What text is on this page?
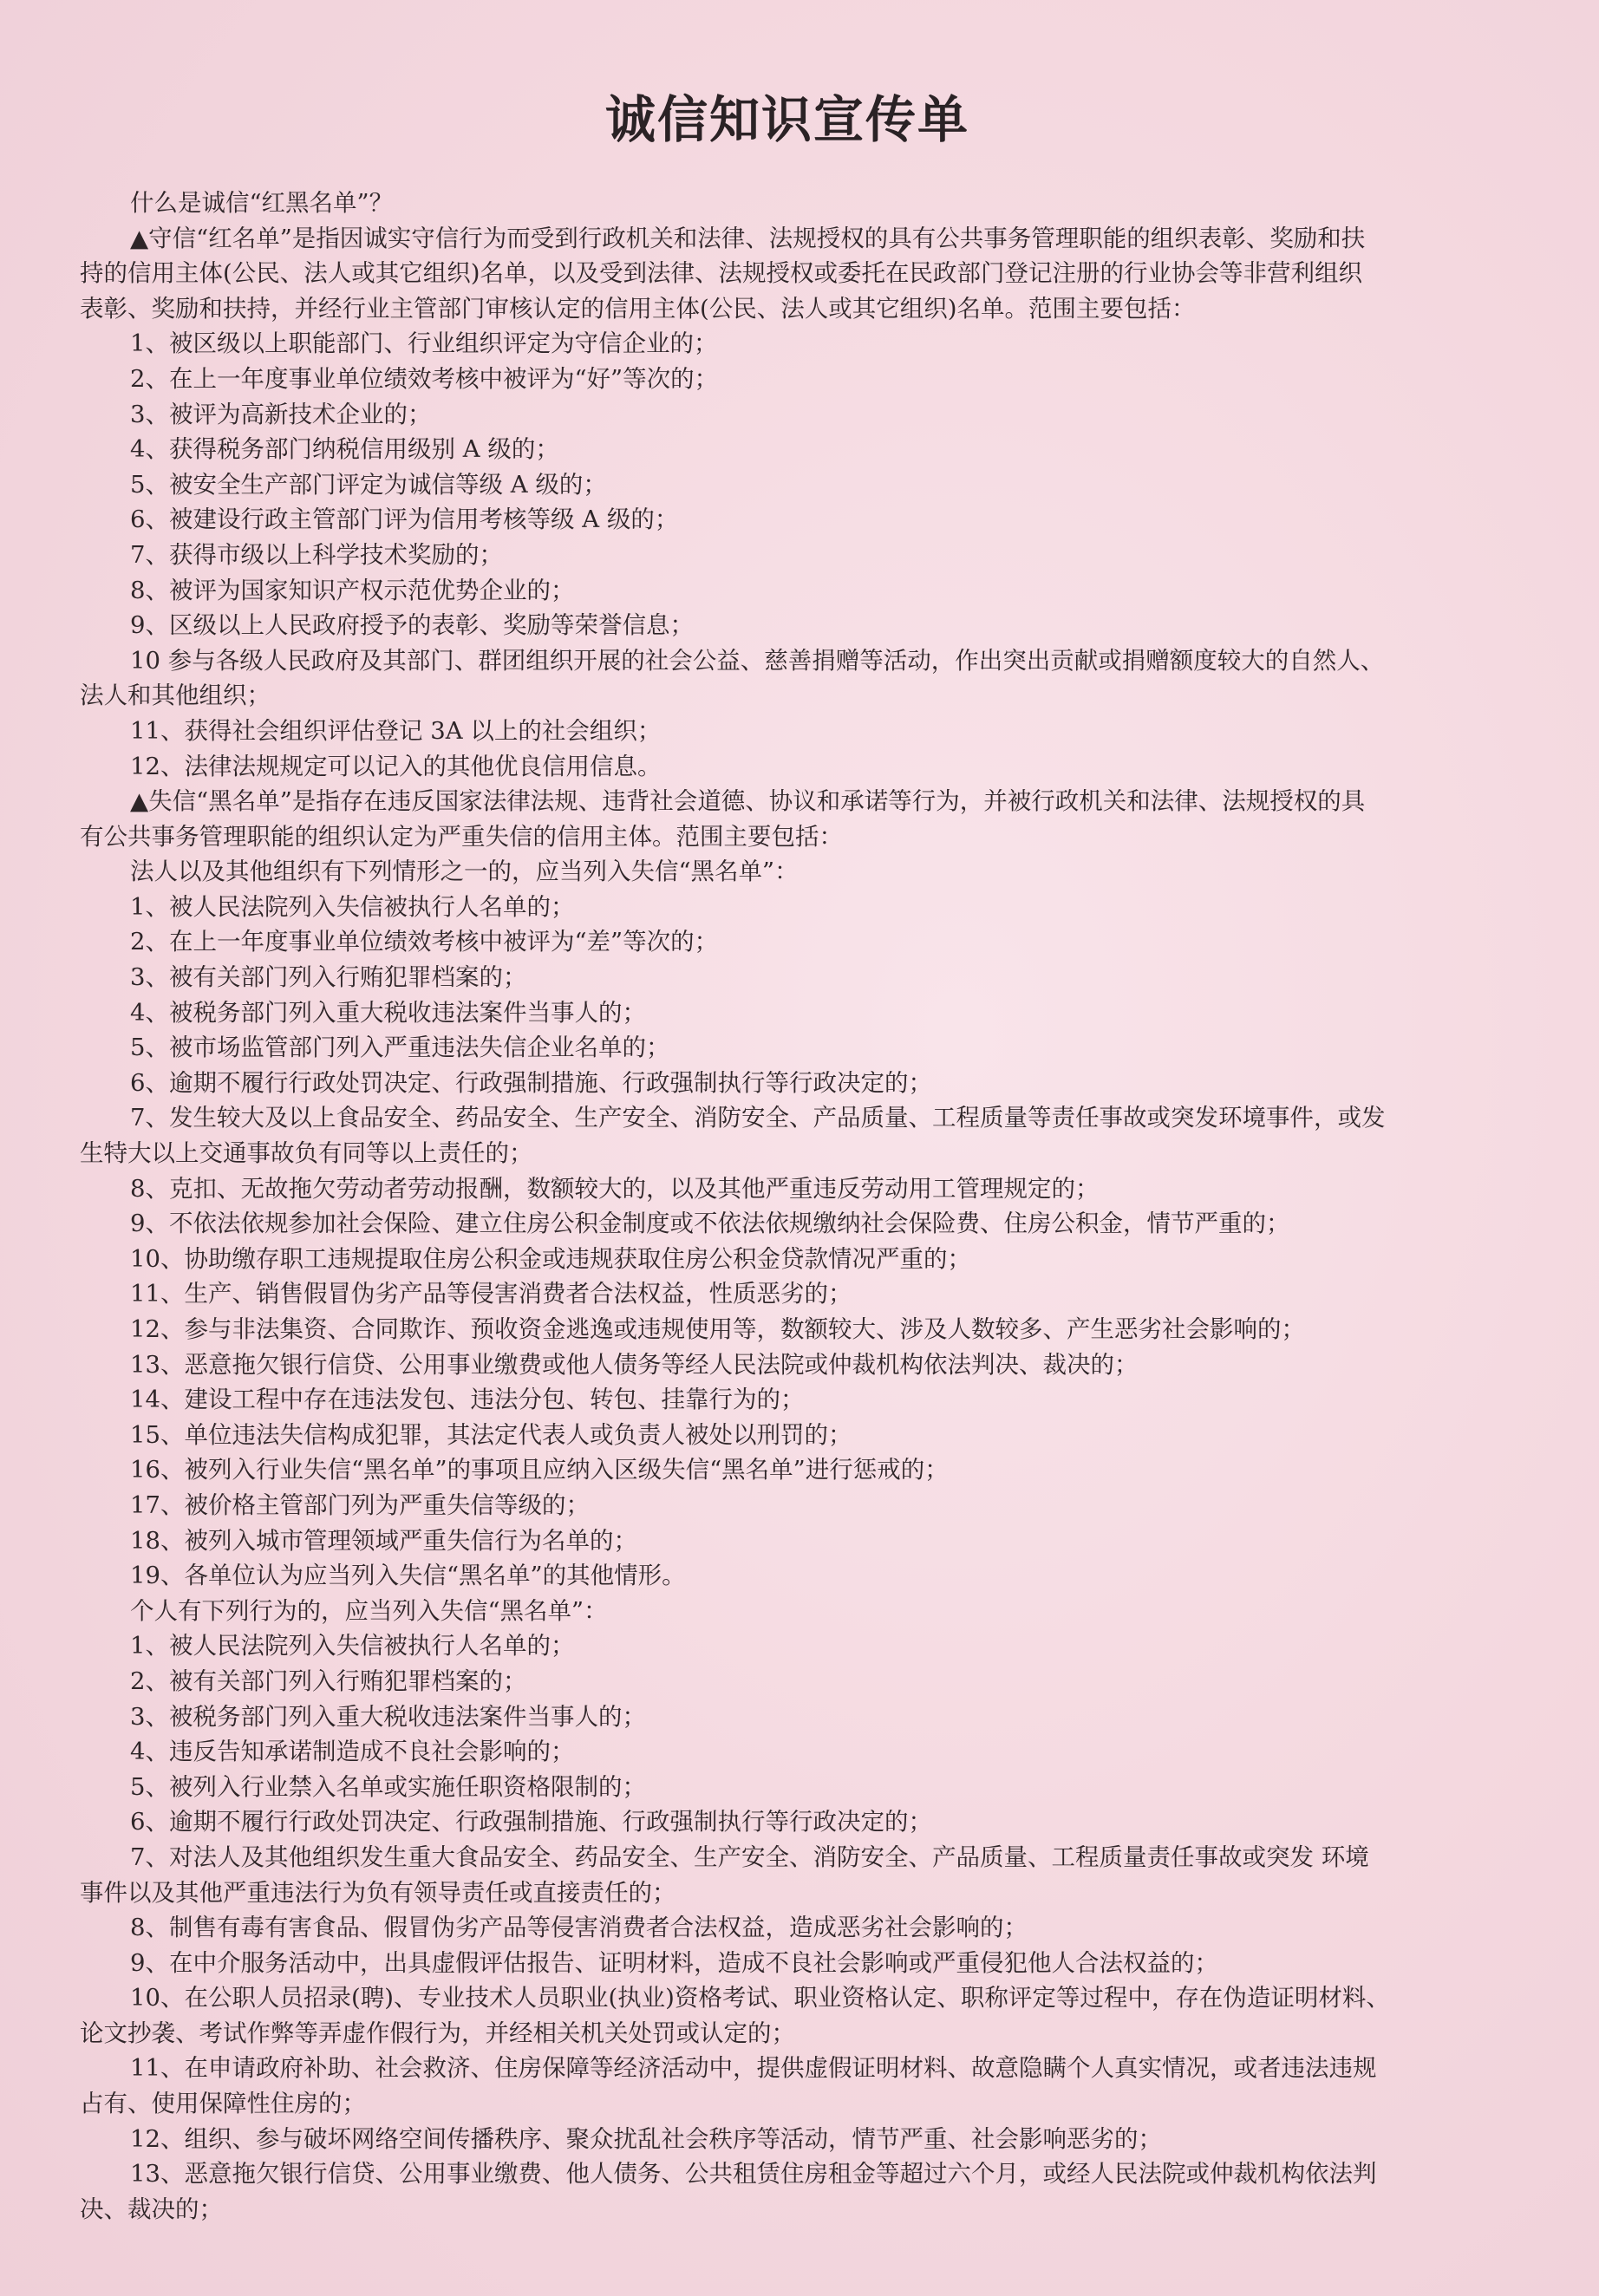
诚信知识宣传单
什么是诚信“红黑名单”？
▲守信“红名单”是指因诚实守信行为而受到行政机关和法律、法规授权的具有公共事务管理职能的组织表彰、奖励和扶
持的信用主体(公民、法人或其它组织)名单，以及受到法律、法规授权或委托在民政部门登记注册的行业协会等非营利组织
表彰、奖励和扶持，并经行业主管部门审核认定的信用主体(公民、法人或其它组织)名单。范围主要包括：
1、被区级以上职能部门、行业组织评定为守信企业的；
2、在上一年度事业单位绩效考核中被评为“好”等次的；
3、被评为高新技术企业的；
4、获得税务部门纳税信用级别 A 级的；
5、被安全生产部门评定为诚信等级 A 级的；
6、被建设行政主管部门评为信用考核等级 A 级的；
7、获得市级以上科学技术奖励的；
8、被评为国家知识产权示范优势企业的；
9、区级以上人民政府授予的表彰、奖励等荣誉信息；
10 参与各级人民政府及其部门、群团组织开展的社会公益、慈善捐赠等活动，作出突出贡献或捐赠额度较大的自然人、
法人和其他组织；
11、获得社会组织评估登记 3A 以上的社会组织；
12、法律法规规定可以记入的其他优良信用信息。
▲失信“黑名单”是指存在违反国家法律法规、违背社会道德、协议和承诺等行为，并被行政机关和法律、法规授权的具
有公共事务管理职能的组织认定为严重失信的信用主体。范围主要包括：
法人以及其他组织有下列情形之一的，应当列入失信“黑名单”：
1、被人民法院列入失信被执行人名单的；
2、在上一年度事业单位绩效考核中被评为“差”等次的；
3、被有关部门列入行贿犯罪档案的；
4、被税务部门列入重大税收违法案件当事人的；
5、被市场监管部门列入严重违法失信企业名单的；
6、逾期不履行行政处罚决定、行政强制措施、行政强制执行等行政决定的；
7、发生较大及以上食品安全、药品安全、生产安全、消防安全、产品质量、工程质量等责任事故或突发环境事件，或发
生特大以上交通事故负有同等以上责任的；
8、克扣、无故拖欠劳动者劳动报酬，数额较大的，以及其他严重违反劳动用工管理规定的；
9、不依法依规参加社会保险、建立住房公积金制度或不依法依规缴纳社会保险费、住房公积金，情节严重的；
10、协助缴存职工违规提取住房公积金或违规获取住房公积金贷款情况严重的；
11、生产、销售假冒伪劣产品等侵害消费者合法权益，性质恶劣的；
12、参与非法集资、合同欺诈、预收资金逃逸或违规使用等，数额较大、涉及人数较多、产生恶劣社会影响的；
13、恶意拖欠银行信贷、公用事业缴费或他人债务等经人民法院或仲裁机构依法判决、裁决的；
14、建设工程中存在违法发包、违法分包、转包、挂靠行为的；
15、单位违法失信构成犯罪，其法定代表人或负责人被处以刑罚的；
16、被列入行业失信“黑名单”的事项且应纳入区级失信“黑名单”进行惩戒的；
17、被价格主管部门列为严重失信等级的；
18、被列入城市管理领域严重失信行为名单的；
19、各单位认为应当列入失信“黑名单”的其他情形。
个人有下列行为的，应当列入失信“黑名单”：
1、被人民法院列入失信被执行人名单的；
2、被有关部门列入行贿犯罪档案的；
3、被税务部门列入重大税收违法案件当事人的；
4、违反告知承诺制造成不良社会影响的；
5、被列入行业禁入名单或实施任职资格限制的；
6、逾期不履行行政处罚决定、行政强制措施、行政强制执行等行政决定的；
7、对法人及其他组织发生重大食品安全、药品安全、生产安全、消防安全、产品质量、工程质量责任事故或突发 环境
事件以及其他严重违法行为负有领导责任或直接责任的；
8、制售有毒有害食品、假冒伪劣产品等侵害消费者合法权益，造成恶劣社会影响的；
9、在中介服务活动中，出具虚假评估报告、证明材料，造成不良社会影响或严重侵犯他人合法权益的；
10、在公职人员招录(聘)、专业技术人员职业(执业)资格考试、职业资格认定、职称评定等过程中，存在伪造证明材料、
论文抄袭、考试作弊等弄虚作假行为，并经相关机关处罚或认定的；
11、在申请政府补助、社会救济、住房保障等经济活动中，提供虚假证明材料、故意隐瞒个人真实情况，或者违法违规
占有、使用保障性住房的；
12、组织、参与破坏网络空间传播秩序、聚众扰乱社会秩序等活动，情节严重、社会影响恶劣的；
13、恶意拖欠银行信贷、公用事业缴费、他人债务、公共租赁住房租金等超过六个月，或经人民法院或仲裁机构依法判
决、裁决的；
